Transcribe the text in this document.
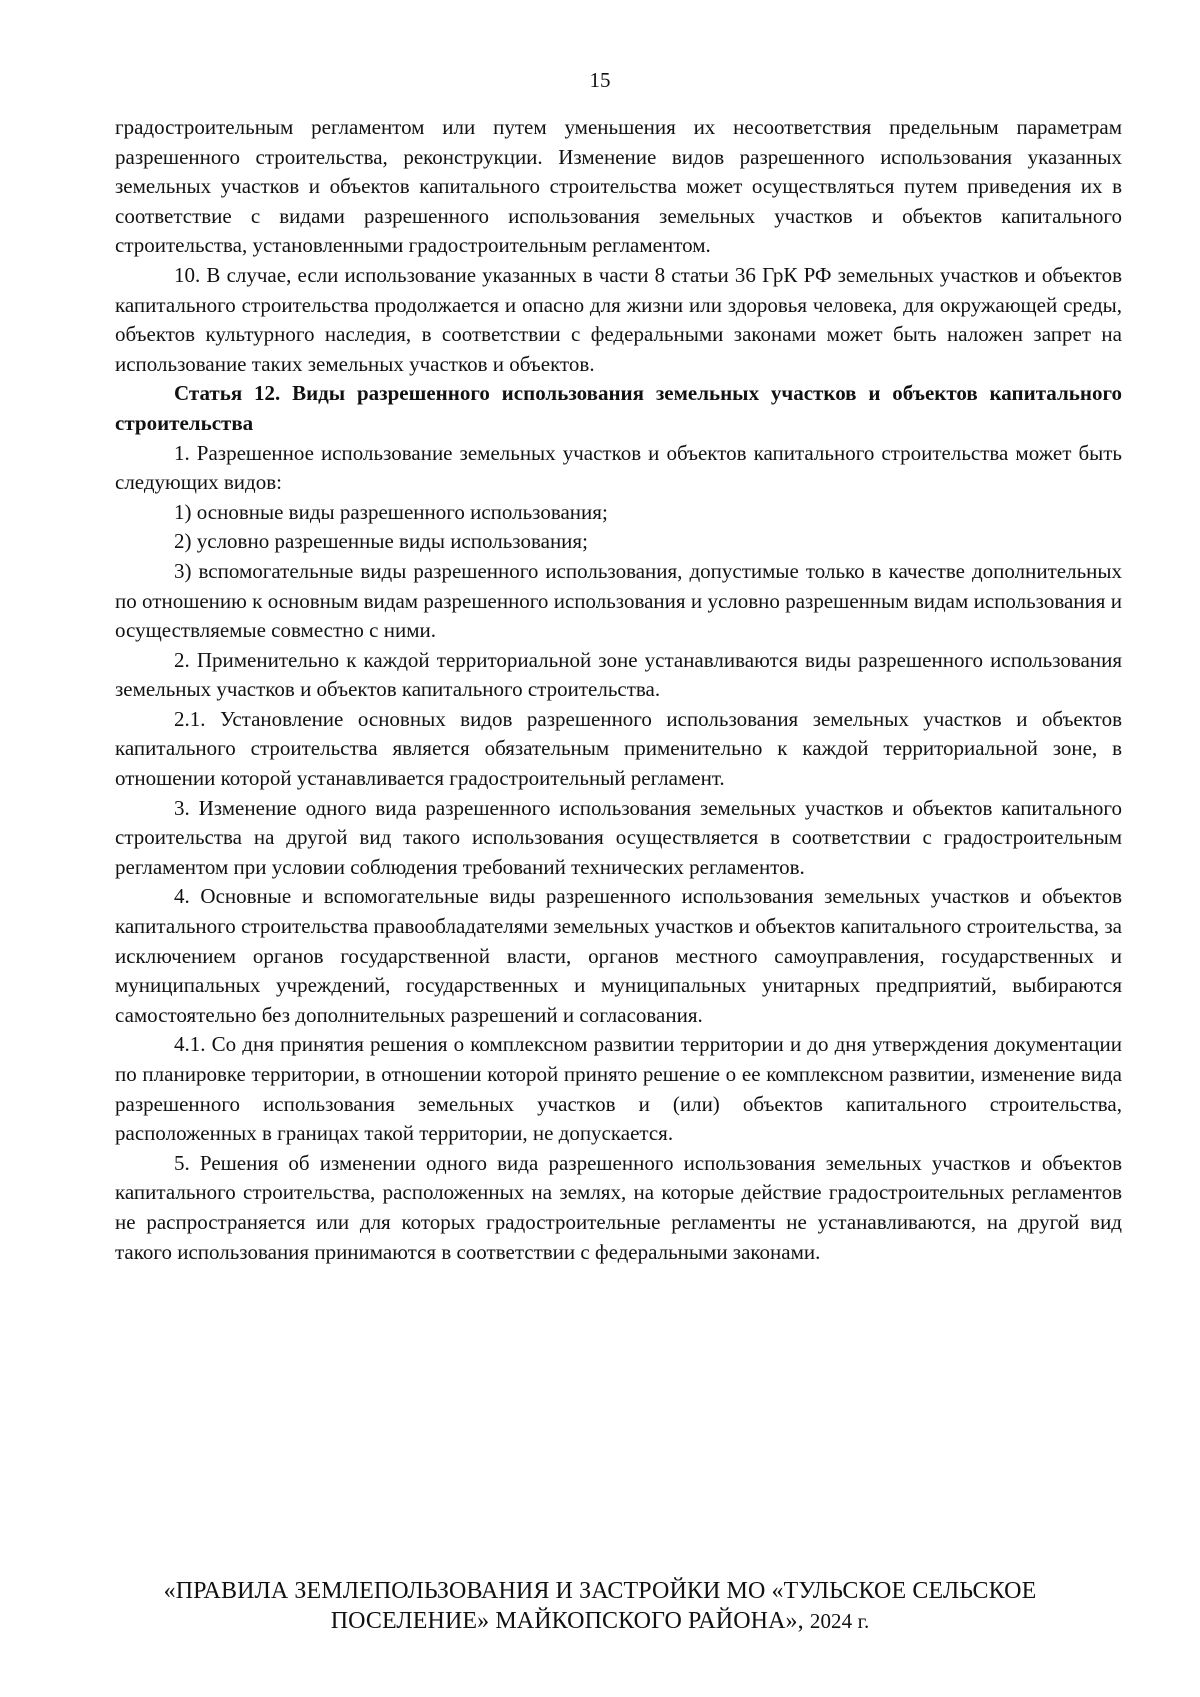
15

градостроительным регламентом или путем уменьшения их несоответствия предельным параметрам разрешенного строительства, реконструкции. Изменение видов разрешенного использования указанных земельных участков и объектов капитального строительства может осуществляться путем приведения их в соответствие с видами разрешенного использования земельных участков и объектов капитального строительства, установленными градостроительным регламентом.

10. В случае, если использование указанных в части 8 статьи 36 ГрК РФ земельных участков и объектов капитального строительства продолжается и опасно для жизни или здоровья человека, для окружающей среды, объектов культурного наследия, в соответствии с федеральными законами может быть наложен запрет на использование таких земельных участков и объектов.

Статья 12. Виды разрешенного использования земельных участков и объектов капитального строительства

1. Разрешенное использование земельных участков и объектов капитального строительства может быть следующих видов:

1) основные виды разрешенного использования;

2) условно разрешенные виды использования;

3) вспомогательные виды разрешенного использования, допустимые только в качестве дополнительных по отношению к основным видам разрешенного использования и условно разрешенным видам использования и осуществляемые совместно с ними.

2. Применительно к каждой территориальной зоне устанавливаются виды разрешенного использования земельных участков и объектов капитального строительства.

2.1. Установление основных видов разрешенного использования земельных участков и объектов капитального строительства является обязательным применительно к каждой территориальной зоне, в отношении которой устанавливается градостроительный регламент.

3. Изменение одного вида разрешенного использования земельных участков и объектов капитального строительства на другой вид такого использования осуществляется в соответствии с градостроительным регламентом при условии соблюдения требований технических регламентов.

4. Основные и вспомогательные виды разрешенного использования земельных участков и объектов капитального строительства правообладателями земельных участков и объектов капитального строительства, за исключением органов государственной власти, органов местного самоуправления, государственных и муниципальных учреждений, государственных и муниципальных унитарных предприятий, выбираются самостоятельно без дополнительных разрешений и согласования.

4.1. Со дня принятия решения о комплексном развитии территории и до дня утверждения документации по планировке территории, в отношении которой принято решение о ее комплексном развитии, изменение вида разрешенного использования земельных участков и (или) объектов капитального строительства, расположенных в границах такой территории, не допускается.

5. Решения об изменении одного вида разрешенного использования земельных участков и объектов капитального строительства, расположенных на землях, на которые действие градостроительных регламентов не распространяется или для которых градостроительные регламенты не устанавливаются, на другой вид такого использования принимаются в соответствии с федеральными законами.

«ПРАВИЛА ЗЕМЛЕПОЛЬЗОВАНИЯ И ЗАСТРОЙКИ МО «ТУЛЬСКОЕ СЕЛЬСКОЕ
ПОСЕЛЕНИЕ» МАЙКОПСКОГО РАЙОНА», 2024 г.
